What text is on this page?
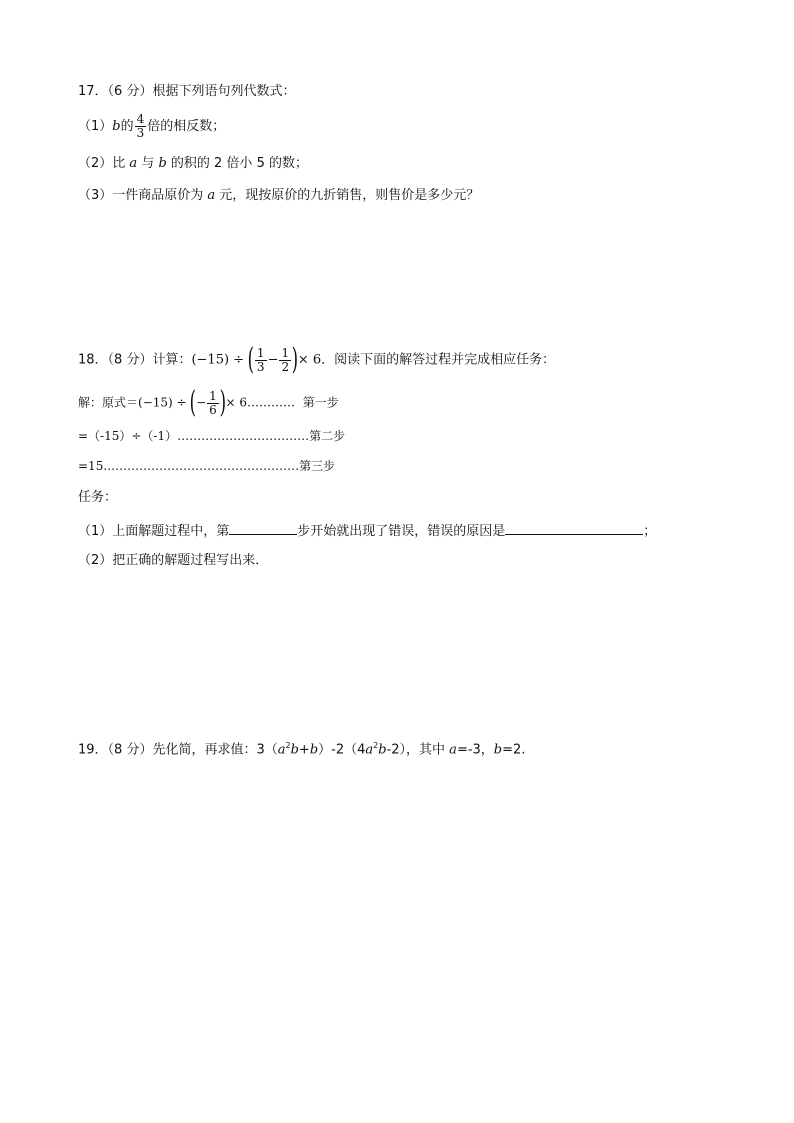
17．（6 分）根据下列语句列代数式：
（1）b的 $\frac{4}{3}$ 倍的相反数；
（2）比 a 与 b 的积的 2 倍小 5 的数；
（3）一件商品原价为 a 元，现按原价的九折销售，则售价是多少元？
18．（8 分）计算：(−15) ÷ ( $\frac{1}{3} - \frac{1}{2}$ )× 6．阅读下面的解答过程并完成相应任务：
解：原式＝(−15) ÷ (− $\frac{1}{6}$ )× 6………… 第一步
=（-15）÷（-1）……………………………第二步
=15.…………………………………………第三步
任务：
（1）上面解题过程中，第	步开始就出现了错误，错误的原因是	；
（2）把正确的解题过程写出来．
19．（8 分）先化简，再求值：$3(a^2b+b)-2(4a^2b-2)$，其中 a=-3，b=2.
